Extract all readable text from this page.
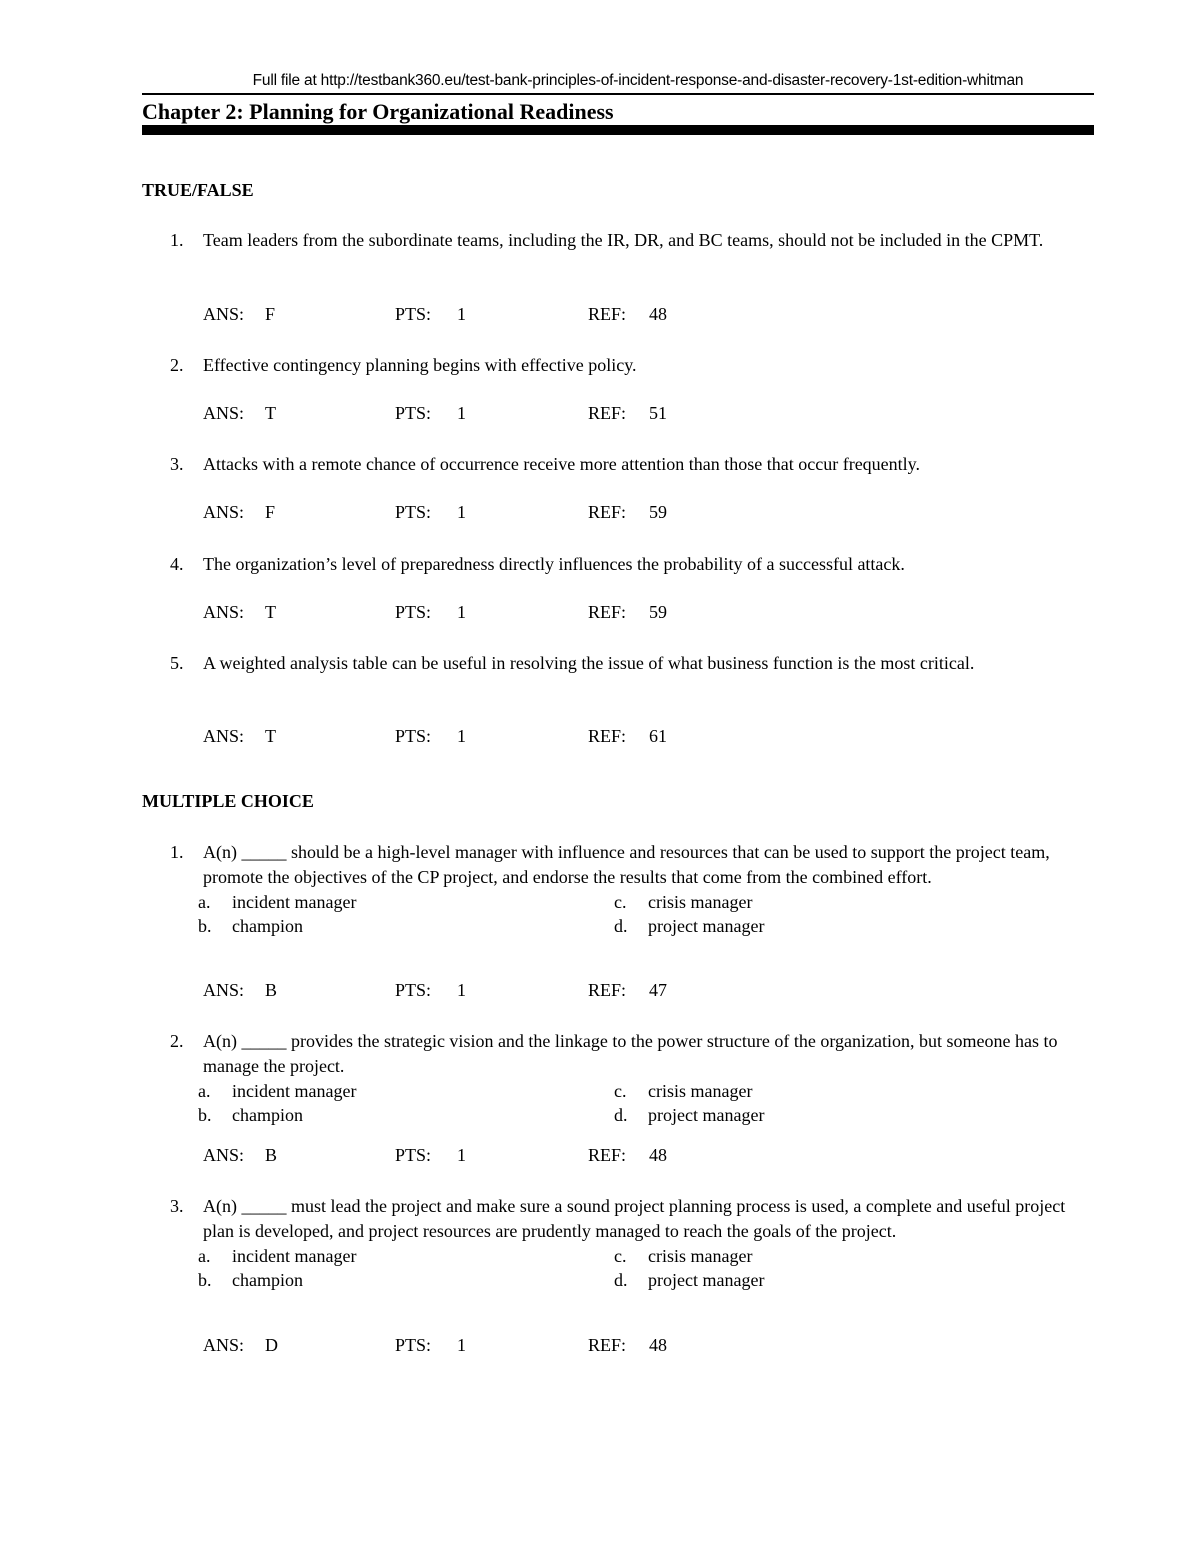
Full file at http://testbank360.eu/test-bank-principles-of-incident-response-and-disaster-recovery-1st-edition-whitman
Chapter 2: Planning for Organizational Readiness
TRUE/FALSE
1. Team leaders from the subordinate teams, including the IR, DR, and BC teams, should not be included in the CPMT.
ANS: F	PTS: 1	REF: 48
2. Effective contingency planning begins with effective policy.
ANS: T	PTS: 1	REF: 51
3. Attacks with a remote chance of occurrence receive more attention than those that occur frequently.
ANS: F	PTS: 1	REF: 59
4. The organization’s level of preparedness directly influences the probability of a successful attack.
ANS: T	PTS: 1	REF: 59
5. A weighted analysis table can be useful in resolving the issue of what business function is the most critical.
ANS: T	PTS: 1	REF: 61
MULTIPLE CHOICE
1. A(n) _____ should be a high-level manager with influence and resources that can be used to support the project team, promote the objectives of the CP project, and endorse the results that come from the combined effort.
a. incident manager
b. champion
c. crisis manager
d. project manager
ANS: B	PTS: 1	REF: 47
2. A(n) _____ provides the strategic vision and the linkage to the power structure of the organization, but someone has to manage the project.
a. incident manager
b. champion
c. crisis manager
d. project manager
ANS: B	PTS: 1	REF: 48
3. A(n) _____ must lead the project and make sure a sound project planning process is used, a complete and useful project plan is developed, and project resources are prudently managed to reach the goals of the project.
a. incident manager
b. champion
c. crisis manager
d. project manager
ANS: D	PTS: 1	REF: 48
